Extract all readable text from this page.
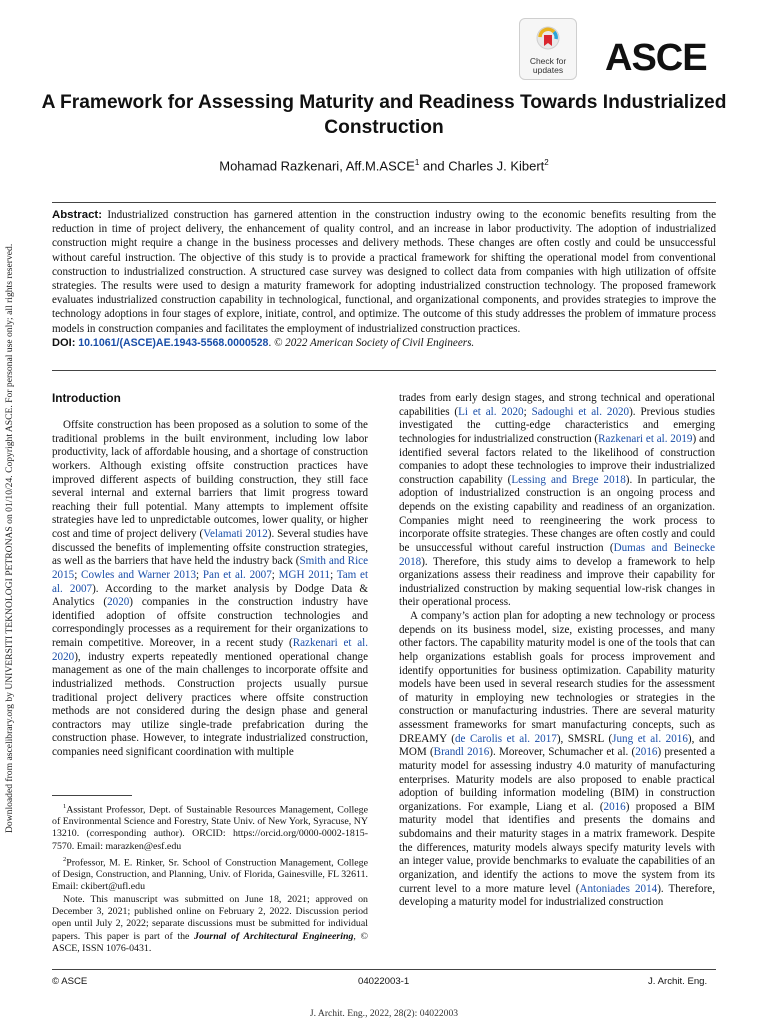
Check for updates	ASCE
Downloaded from ascelibrary.org by UNIVERSITI TEKNOLOGI PETRONAS on 01/10/24. Copyright ASCE. For personal use only; all rights reserved.
A Framework for Assessing Maturity and Readiness Towards Industrialized Construction
Mohamad Razkenari, Aff.M.ASCE$^1$ and Charles J. Kibert$^2$
Abstract: Industrialized construction has garnered attention in the construction industry owing to the economic benefits resulting from the reduction in time of project delivery, the enhancement of quality control, and an increase in labor productivity. The adoption of industrialized construction might require a change in the business processes and delivery methods. These changes are often costly and could be unsuccessful without careful instruction. The objective of this study is to provide a practical framework for shifting the operational model from conventional construction to industrialized construction. A structured case survey was designed to collect data from companies with high utilization of offsite strategies. The results were used to design a maturity framework for adopting industrialized construction technology. The proposed framework evaluates industrialized construction capability in technological, functional, and organizational components, and provides strategies to improve the technology adoptions in four stages of explore, initiate, control, and optimize. The outcome of this study addresses the problem of immature process models in construction companies and facilitates the employment of industrialized construction practices.
DOI: 10.1061/(ASCE)AE.1943-5568.0000528. © 2022 American Society of Civil Engineers.
Introduction

Offsite construction has been proposed as a solution to some of the traditional problems in the built environment, including low labor productivity, lack of affordable housing, and a shortage of construction workers. Although existing offsite construction practices have improved different aspects of building construction, they still face several internal and external barriers that limit progress toward reaching their full potential. Many attempts to implement offsite strategies have led to unpredictable outcomes, lower quality, or higher cost and time of project delivery (Velamati 2012). Several studies have discussed the benefits of implementing offsite construction strategies, as well as the barriers that have held the industry back (Smith and Rice 2015; Cowles and Warner 2013; Pan et al. 2007; MGH 2011; Tam et al. 2007). According to the market analysis by Dodge Data & Analytics (2020) companies in the construction industry have identified adoption of offsite construction technologies and correspondingly processes as a requirement for their organizations to remain competitive. Moreover, in a recent study (Razkenari et al. 2020), industry experts repeatedly mentioned operational change management as one of the main challenges to incorporate offsite and industrialized methods. Construction projects usually pursue traditional project delivery practices where offsite construction methods are not considered during the design phase and general contractors may utilize single-trade prefabrication during the construction phase. However, to integrate industrialized construction, companies need significant coordination with multiple

trades from early design stages, and strong technical and operational capabilities (Li et al. 2020; Sadoughi et al. 2020). Previous studies investigated the cutting-edge characteristics and emerging technologies for industrialized construction (Razkenari et al. 2019) and identified several factors related to the likelihood of construction companies to adopt these technologies to improve their industrialized construction capability (Lessing and Brege 2018). In particular, the adoption of industrialized construction is an ongoing process and depends on the existing capability and readiness of an organization. Companies might need to reengineering the work process to incorporate offsite strategies. These changes are often costly and could be unsuccessful without careful instruction (Dumas and Beinecke 2018). Therefore, this study aims to develop a framework to help organizations assess their readiness and improve their capability for industrialized construction by making sequential low-risk changes in their operational process.

A company’s action plan for adopting a new technology or process depends on its business model, size, existing processes, and many other factors. The capability maturity model is one of the tools that can help organizations establish goals for process improvement and identify opportunities for business optimization. Capability maturity models have been used in several research studies for the assessment of maturity in employing new technologies or strategies in the construction or manufacturing industries. There are several maturity assessment frameworks for smart manufacturing concepts, such as DREAMY (de Carolis et al. 2017), SMSRL (Jung et al. 2016), and MOM (Brandl 2016). Moreover, Schumacher et al. (2016) presented a maturity model for assessing industry 4.0 maturity of manufacturing enterprises. Maturity models are also proposed to enable practical adoption of building information modeling (BIM) in construction organizations. For example, Liang et al. (2016) proposed a BIM maturity model that identifies and presents the domains and subdomains and their maturity stages in a matrix framework. Despite the differences, maturity models always specify maturity levels with an integer value, provide benchmarks to evaluate the capabilities of an organization, and identify the actions to move the system from its current level to a more mature level (Antoniades 2014). Therefore, developing a maturity model for industrialized construction

$^1$Assistant Professor, Dept. of Sustainable Resources Management, College of Environmental Science and Forestry, State Univ. of New York, Syracuse, NY 13210. (corresponding author). ORCID: https://orcid.org/0000-0002-1815-7570. Email: marazken@esf.edu

$^2$Professor, M. E. Rinker, Sr. School of Construction Management, College of Design, Construction, and Planning, Univ. of Florida, Gainesville, FL 32611. Email: ckibert@ufl.edu

Note. This manuscript was submitted on June 18, 2021; approved on December 3, 2021; published online on February 2, 2022. Discussion period open until July 2, 2022; separate discussions must be submitted for individual papers. This paper is part of the Journal of Architectural Engineering, © ASCE, ISSN 1076-0431.

© ASCE	04022003-1	J. Archit. Eng.
J. Archit. Eng., 2022, 28(2): 04022003
